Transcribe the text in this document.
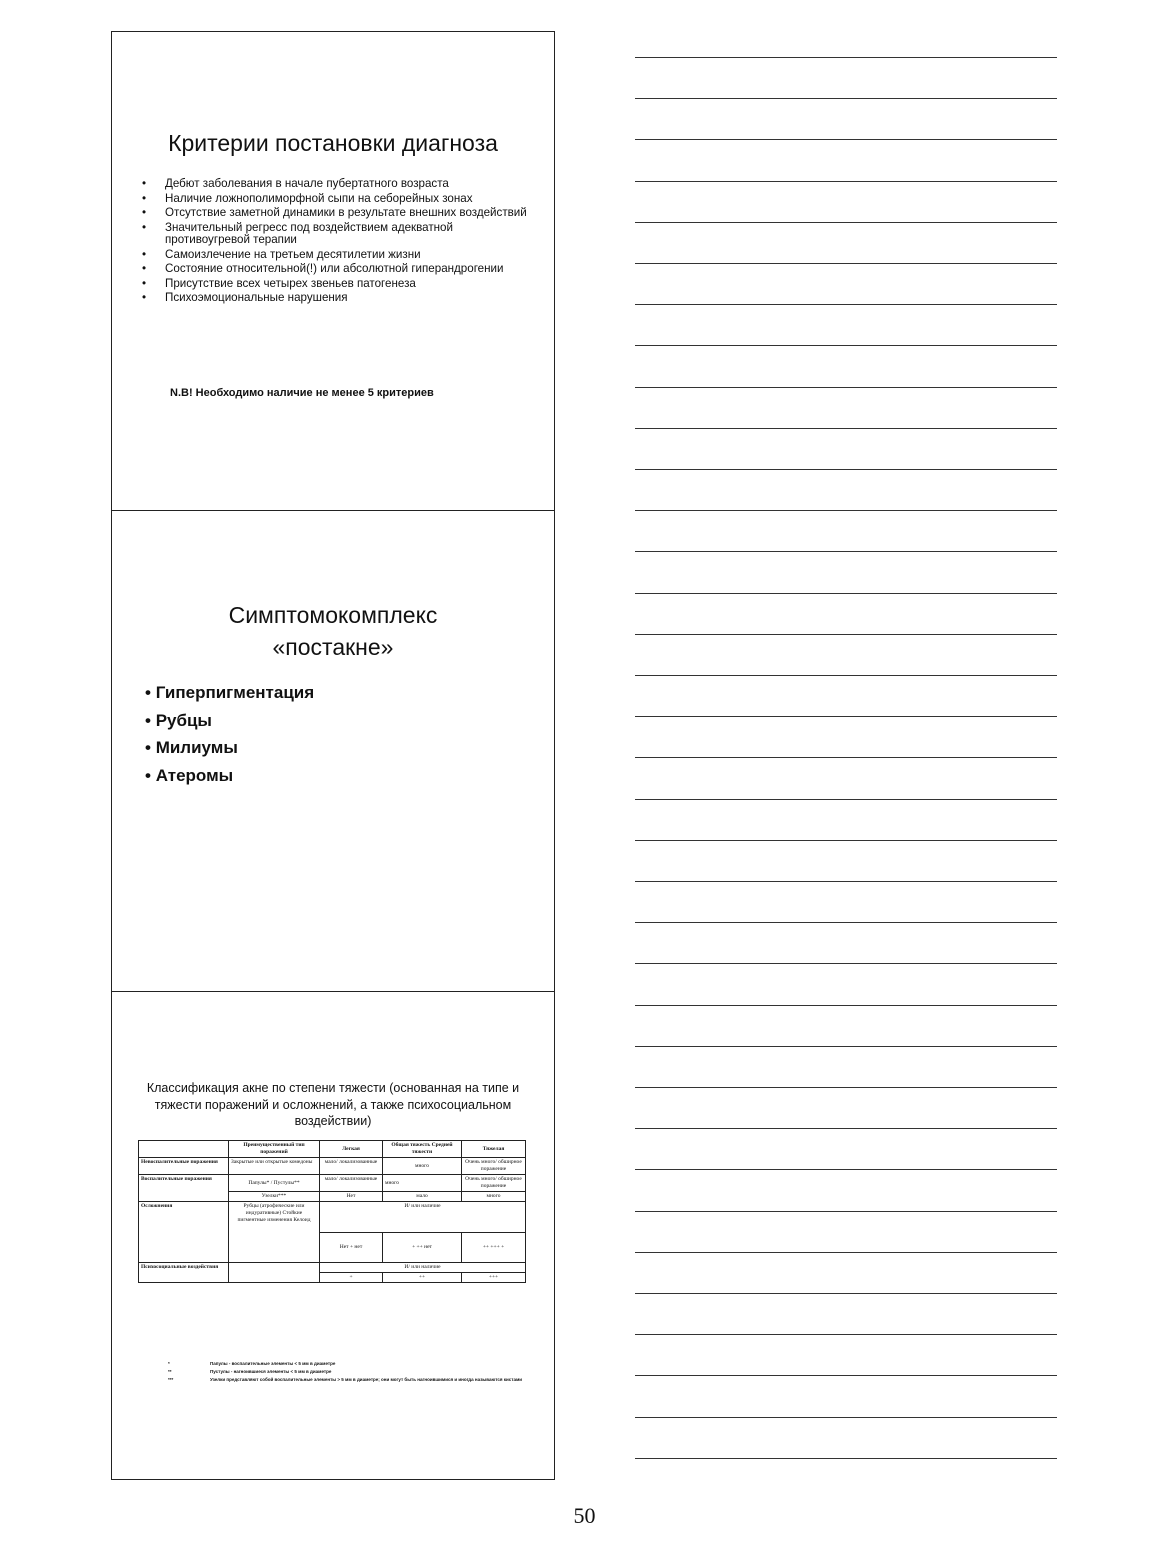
Критерии постановки диагноза
• Дебют заболевания в начале пубертатного возраста
• Наличие ложнополиморфной сыпи на себорейных зонах
• Отсутствие заметной динамики в результате внешних воздействий
• Значительный регресс под воздействием адекватной противоугревой терапии
• Самоизлечение на третьем десятилетии жизни
• Состояние относительной(!) или абсолютной гиперандрогении
• Присутствие всех четырех звеньев патогенеза
• Психоэмоциональные нарушения
N.B! Необходимо наличие не менее 5 критериев
Симптомокомплекс
«постакне»
• Гиперпигментация
• Рубцы
• Милиумы
• Атеромы
Классификация акне по степени тяжести (основанная на типе и тяжести поражений и осложнений, а также психосоциальном воздействии)
	Преимущественный тип поражений	Легкая	Общая тяжесть Средней тяжести	Тяжелая
Невоспалительные поражения	Закрытые или открытые комедоны	мало/ локализованные	много	Очень много/ обширное поражение
Воспалительные поражения	Папулы* / Пустулы**	мало/ локализованные	много	Очень много/ обширное поражение
	Узелки***	Нет	мало	много
Осложнения	Рубцы (атрофические или индуративные) Стойкие пигментные изменения Келоид	И/ или наличие		
		Нет + нет	+ ++ нет	++ +++ +
Психосоциальные воздействия		И/ или наличие		
		+	++	+++
*	Папулы - воспалительные элементы < 5 мм в диаметре
**	Пустулы - нагноившиеся элементы < 5 мм в диаметре
***	Узелки представляют собой воспалительные элементы > 5 мм в диаметре; они могут быть нагноившимися и иногда называются кистами
50
